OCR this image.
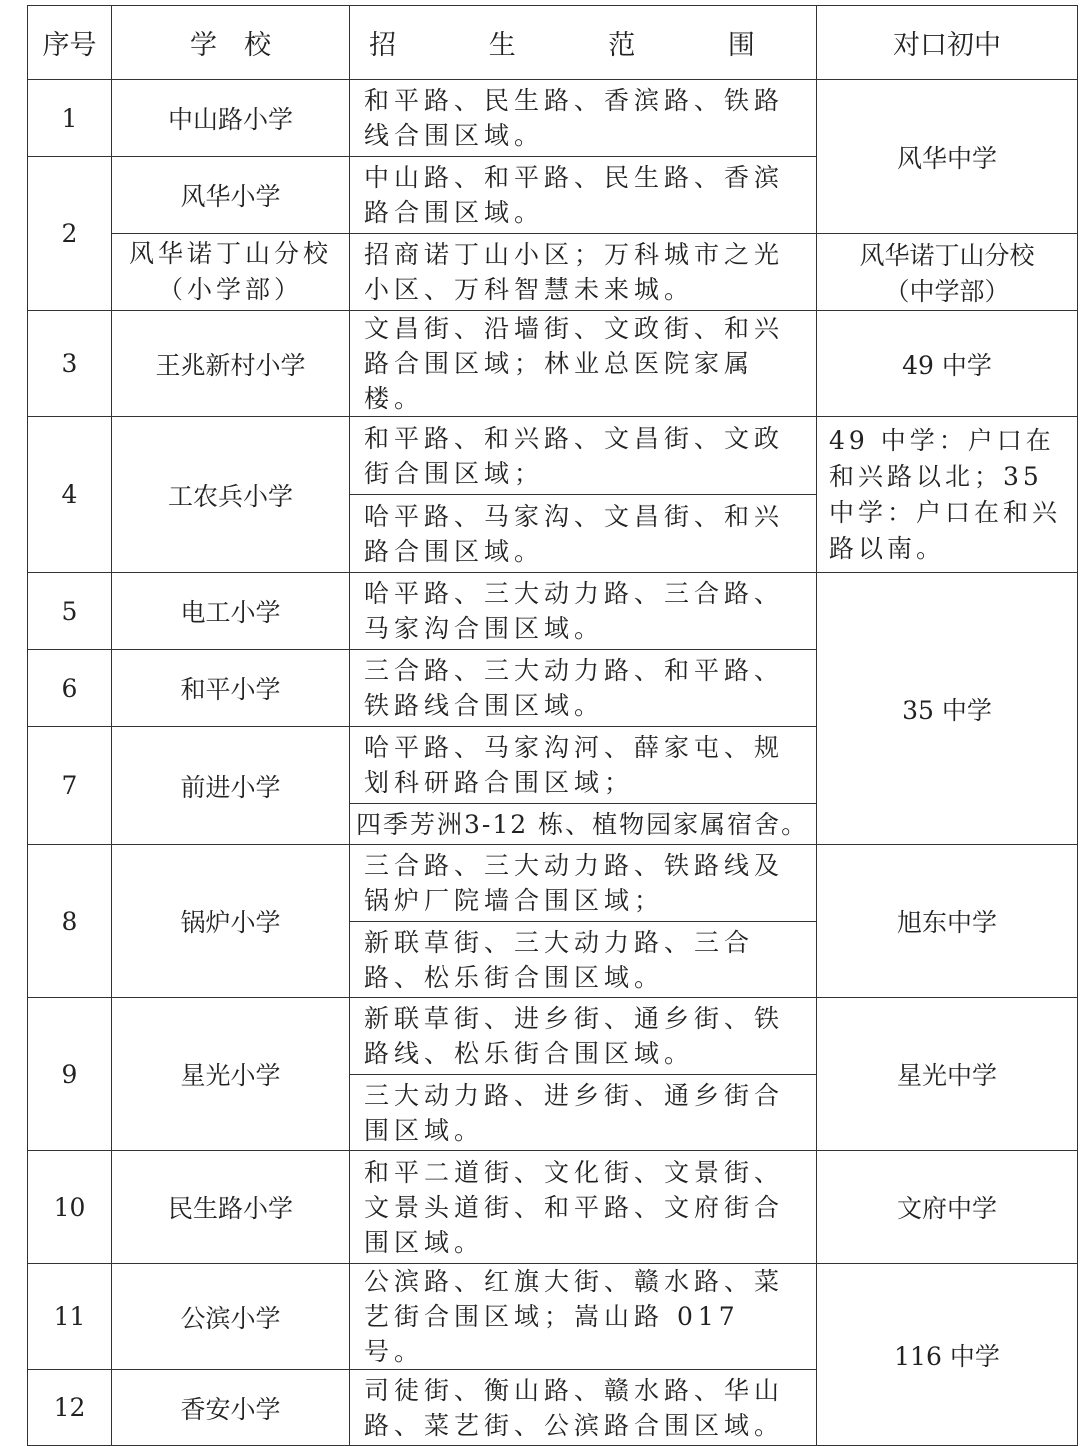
序号	学　校	招 生 范 围	对口初中
1	中山路小学	和平路、民生路、香滨路、铁路线合围区域。	风华中学
2	风华小学	中山路、和平路、民生路、香滨路合围区域。	
	风华诺丁山分校（小学部）	招商诺丁山小区；万科城市之光小区、万科智慧未来城。	风华诺丁山分校（中学部）
3	王兆新村小学	文昌街、沿墙街、文政街、和兴路合围区域；林业总医院家属楼。	49 中学
4	工农兵小学	和平路、和兴路、文昌街、文政街合围区域；	49 中学：户口在和兴路以北；35 中学：户口在和兴路以南。
		哈平路、马家沟、文昌街、和兴路合围区域。	
5	电工小学	哈平路、三大动力路、三合路、马家沟合围区域。	35 中学
6	和平小学	三合路、三大动力路、和平路、铁路线合围区域。	
7	前进小学	哈平路、马家沟河、薛家屯、规划科研路合围区域；	
		四季芳洲3-12 栋、植物园家属宿舍。	
8	锅炉小学	三合路、三大动力路、铁路线及锅炉厂院墙合围区域；	旭东中学
		新联草街、三大动力路、三合路、松乐街合围区域。	
9	星光小学	新联草街、进乡街、通乡街、铁路线、松乐街合围区域。	星光中学
		三大动力路、进乡街、通乡街合围区域。	
10	民生路小学	和平二道街、文化街、文景街、文景头道街、和平路、文府街合围区域。	文府中学
11	公滨小学	公滨路、红旗大街、赣水路、菜艺街合围区域；嵩山路 017 号。	116 中学
12	香安小学	司徒街、衡山路、赣水路、华山路、菜艺街、公滨路合围区域。	
